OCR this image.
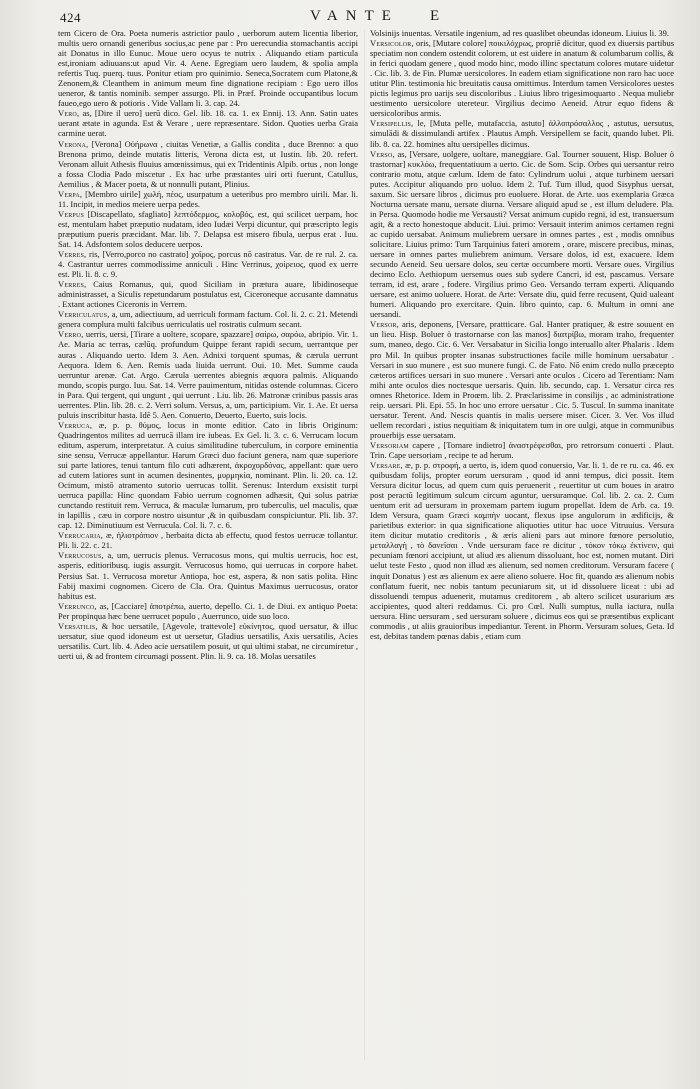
424	VANTE E

tem Cicero de Ora. Poeta numeris astrictior paulo , uerborum autem licentia liberior, multis uero ornandi generibus socius,ac pene par : Pro uerecundia stomachantis accipi ait Donatus in illo Eunuc. Moue uero ocyus te nutrix . Aliquando etiam particula est,ironiam adiuuans:ut apud Vir. 4. Aene. Egregiam uero laudem, & spolia ampla refertis Tuq. puerq. tuus. Ponitur etiam pro quinimio. Seneca,Socratem cum Platone,& Zenonem,& Cleanthem in animum meum fine dignatione recipiam : Ego uero illos ueneror, & tantis nominib. semper assurgo. Pli. in Præf. Proinde occupantibus locum faueo,ego uero & potioris . Vide Vallam li. 3. cap. 24.

Vero, as, [Dire il uero] uerū dico. Gel. lib. 18. ca. 1. ex Ennij. 13. Ann. Satin uates uerant ætate in agunda. Est & Verare , uere repræsentare. Sidon. Quoties uerba Graia carmine uerat.

Verona, [Verona] Οὐήρωνα , ciuitas Venetiæ, a Gallis condita , duce Brenno: a quo Brenona primo, deinde mutatis litteris, Verona dicta est, ut Iustin. lib. 20. refert. Veronam alluit Athesis fluuius amœnissimus, qui ex Tridentinis Alpib. ortus , non longe a fossa Clodia Pado miscetur . Ex hac urbe præstantes uiri orti fuerunt, Catullus, Aemilius , & Macer poeta, & ut nonnulli putant, Plinius.

Verpa, [Membro uirile] χωλή, πέος, usurpatum a ueteribus pro membro uirili. Mar. li. 11. Incipit, in medios meiere uerpa pedes.

Verpus [Discapellato, sfagliato] λεπτόδερμος, κολοβός, est, qui scilicet uerpam, hoc est, mentulam habet præputio nudatam, ideo Iudæi Verpi dicuntur, qui præscripto legis præputium pueris præcidant. Mar. lib. 7. Delapsa est misero fibula, uerpus erat . Iuu. Sat. 14. Adsfontem solos deducere uerpos.

Verres, ris, [Verro,porco no castrato] χοῖρος, porcus nō castratus. Var. de re rul. 2. ca. 4. Castrantur uerres commodissime anniculi . Hinc Verrinus, χοίρειος, quod ex uerre est. Pli. li. 8. c. 9.

Verres, Caius Romanus, qui, quod Siciliam in prætura auare, libidinoseque administrasset, a Siculis repetundarum postulatus est, Ciceroneque accusante damnatus . Extant actiones Ciceronis in Verrem.

Verriculatus, a, um, adiectiuum, ad uerriculi formam factum. Col. li. 2. c. 21. Metendi genera complura multi falcibus uerriculatis uel rostratis culmum secant.

Verro, uerris, uersi, [Tirare a uoltere, scopare, spazzare] σαίρω, σαρόω, abripio. Vir. 1. Ae. Maria ac terras, cælūq. profundum Quippe ferant rapidi secum, uerrantque per auras . Aliquando uerto. Idem 3. Aen. Adnixi torquent spumas, & cærula uerrunt Aequora. Idem 6. Aen. Remis uada liuida uerrunt. Oui. 10. Met. Summe cauda uerruntur arenæ. Cat. Argo. Cærula uerrentes abiegnis æquora palmis. Aliquando mundo, scopis purgo. Iuu. Sat. 14. Verre pauimentum, nitidas ostende columnas. Cicero in Para. Qui tergent, qui ungunt , qui uerrunt . Liu. lib. 26. Matronæ crinibus passis aras uerrentes. Plin. lib. 28. c. 2. Verri solum. Versus, a, um, participium. Vir. 1. Ae. Et uersa puluis inscribitur hasta. Idē 5. Aen. Conuerto, Deuerto, Euerto, suis locis.

Verruca, æ, p. p. θύμος, locus in monte editior. Cato in libris Originum: Quadringentos milites ad uerrucā illam ire iubeas. Ex Gel. li. 3. c. 6. Verrucam locum editum, asperum, interpretatur. A cuius similitudine tuberculum, in corpore eminentia sine sensu, Verrucæ appellantur. Harum Græci duo faciunt genera, nam quæ superiore sui parte latiores, tenui tantum filo cuti adhærent, ἀκροχορδόνας, appellant: quæ uero ad cutem latiores sunt in acumen desinentes, μυρμηκία, nominant. Plin. li. 20. ca. 12. Ocimum, mistō atramento sutorio uerrucas tollit. Serenus: Interdum exsistit turpi uerruca papilla: Hinc quondam Fabio uerrum cognomen adhæsit, Qui solus patriæ cunctando restituit rem. Verruca, & maculæ lumarum, pro tuberculis, uel maculis, quæ in lapillis , cæu in corpore nostro uisuntur ,& in quibusdam conspiciuntur. Pli. lib. 37. cap. 12. Diminutiuum est Verrucula. Col. li. 7. c. 6.

Verrucaria, æ, ἡλιοτρόπιον , herbaita dicta ab effectu, quod festos uerrucæ tollantur. Pli. li. 22. c. 21.

Verrucosus, a, um, uerrucis plenus. Verrucosus mons, qui multis uerrucis, hoc est, asperis, editioribusq. iugis assurgit. Verrucosus homo, qui uerrucas in corpore habet. Persius Sat. 1. Verrucosa moretur Antiopa, hoc est, aspera, & non satis polita. Hinc Fabij maximi cognomen. Cicero de Cla. Ora. Quintus Maximus uerrucosus, orator habitus est.

Verrunco, as, [Cacciare] ἀποτρέπω, auerto, depello. Ci. 1. de Diui. ex antiquo Poeta: Per propinqua hæc bene uerrucet populo , Auerrunco, uide suo loco.

Versatilis, & hoc uersatile, [Agevole, trattevole] εὐκίνητος, quod uersatur, & illuc uersatur, siue quod idoneum est ut uersetur, Gladius uersatilis, Axis uersatilis, Acies uersatilis. Curt. lib. 4. Adeo acie uersatilem posuit, ut qui ultimi stabat, ne circumiretur , uerti ui, & ad frontem circumagi possent. Plin. li. 9. ca. 18. Molas uersatiles

Volsinijs inuentas. Versatile ingenium, ad res quaslibet obeundas idoneum. Liuius li. 39.

Versicolor, oris, [Mutare colore] ποικιλόχρως, propriē dicitur, quod ex diuersis partibus speciatim non condem ostendit colorem, ut est uidere in anatum & columbarum collis, & in ferici quodam genere , quod modo hinc, modo illinc spectatum colores mutare uidetur . Cic. lib. 3. de Fin. Plumæ uersicolores. In eadem etiam significatione non raro hac uoce utitur Plin. testimonia hic breuitatis causa omittimus. Interdum tamen Versicolores uestes pictis legimus pro uarijs seu discoloribus . Liuius libro trigesimoquarto . Nequa muliebr uestimento uersicolore utereteur. Virgilius decimo Aeneid. Atrur equo fidens & uersicoloribus armis.

Versipellis, le, [Muta pelle, mutafaccia, astuto] ἀλλοπρόσαλλος , astutus, uersutus, simulādi & dissimulandi artifex . Plautus Amph. Versipellem se facit, quando lubet. Pli. lib. 8. ca. 22. homines altu uersipelles dicimus.

Verso, as, [Versare, uolgere, uoltare, maneggiare. Gal. Tourner souuent, Hisp. Boluer ò trastornar] κυκλόω, frequentatiuum a uerto. Cic. de Som. Scip. Orbes qui uersantur retro contrario motu, atque cælum. Idem de fato: Cylindrum uolui , atque turbinem uersari putes. Accipitur aliquando pro uoluo. Idem 2. Tuf. Tum illud, quod Sisyphus uersat, saxum. Sic uersare libros , dicimus pro euoluere. Horat. de Arte. uos exemplaria Græca Nocturna uersate manu, uersate diurna. Versare aliquid apud se , est illum deludere. Pla. in Persa. Quomodo hodie me Versausti? Versat animum cupido regni, id est, transuersum agit, & a recto honestoque abducit. Liui. primo: Versauit interim animos certamen regni ac cupido uersabat. Animum muliebrem uersare in omnes partes , est , modis omnibus solicitare. Liuius primo: Tum Tarquinius fateri amorem , orare, miscere precibus, minas, uersare in omnes partes muliebrem animum. Versare dolos, id est, exacuere. Idem secundo Aeneid. Seu uersare dolos, seu certæ occumbere morti. Versare oues. Virgilius decimo Eclo. Aethiopum uersemus oues sub sydere Cancri, id est, pascamus. Versare terram, id est, arare , fodere. Virgilius primo Geo. Versando terram experti. Aliquando uersare, est animo uoluere. Horat. de Arte: Versate diu, quid ferre recusent, Quid ualeant humeri. Aliquando pro exercitare. Quin. libro quinto, cap. 6. Multum in omni ane uersandi.

Versor, aris, deponens, [Versare, prattticare. Gal. Hanter pratiquer, & estre souuent en un lieu. Hisp. Boluer ò trastornarse con las manos] διατρίβω, moram traho, frequenter sum, maneo, dego. Cic. 6. Ver. Versabatur in Sicilia longo interuallo alter Phalaris . Idem pro Mil. In quibus propter insanas substructiones facile mille hominum uersabatur . Versari in suo munere , est suo munere fungi. C. de Fato. Nō enim credo nullo præcepto cæteros artifices uersari in suo munere . Versari ante oculos . Cicero ad Terentiam: Nam mihi ante oculos dies noctesque uersaris. Quin. lib. secundo, cap. 1. Versatur circa res omnes Rhetorice. Idem in Proœm. lib. 2. Præclarissime in consilijs , ac administratione reip. uersari. Pli. Epi. 55. In hoc uno errore uersatur . Cic. 5. Tuscul. In summa inanitate uersatur. Terent. And. Nescis quantis in malis uersere miser. Cicer. 3. Ver. Vos illud uellem recordari , istius nequitiam & iniquitatem tum in ore uulgi, atque in communibus prouerbijs esse uersatam.

Versoriam capere , [Tornare indietro] ἀναστρέφεσθαι, pro retrorsum conuerti . Plaut. Trin. Cape uersoriam , recipe te ad herum.

Versare, æ, p. p. στροφή, a uerto, is, idem quod conuersio, Var. li. 1. de re ru. ca. 46. ex quibusdam folijs, propter eorum uersuram , quod id anni tempus, dici possit. Item Versura dicitur locus, ad quem cum quis peruenerit , reuertitur ut cum boues in aratro post peractū legitimum sulcum circum aguntur, uersuramque. Col. lib. 2. ca. 2. Cum uentum erit ad uersuram in proxemam partem iugum propellat. Idem de Arb. ca. 19. Idem Versura, quam Græci καμπὴν uocant, flexus ipse angulorum in ædificijs, & parietibus exterior: in qua significatione aliquoties utitur hac uoce Vitruuius. Versura item dicitur mutatio creditoris , & æris alieni pars aut minore fœnore persolutio, μεταλλαγὴ , τὸ δανεῖσαι . Vnde uersuram face re dicitur , τόκον τόκῳ ἐκτίνειν, qui pecuniam fœnori accipiunt, ut aliud æs alienum dissoluant, hoc est, nomen mutant. Diri uelut teste Festo , quod non illud æs alienum, sed nomen creditorum. Versuram facere ( inquit Donatus ) est æs alienum ex aere alieno soluere. Hoc fit, quando æs alienum nobis conflatum fuerit, nec nobis tantum pecuniarum sit, ut id dissoluere liceat : ubi ad dissoluendi tempus aduenerit, mutamus creditorem , ab altero scilicet usurarium æs accipientes, quod alteri reddamus. Ci. pro Cœl. Nulli sumptus, nulla iactura, nulla uersura. Hinc uersuram , sed uersuram soluere , dicimus eos qui se præsentibus explicant commodis , ut aliis grauioribus impediantur. Terent. in Phorm. Versuram solues, Geta. Id est, debitas tandem pœnas dabis , etiam cum
